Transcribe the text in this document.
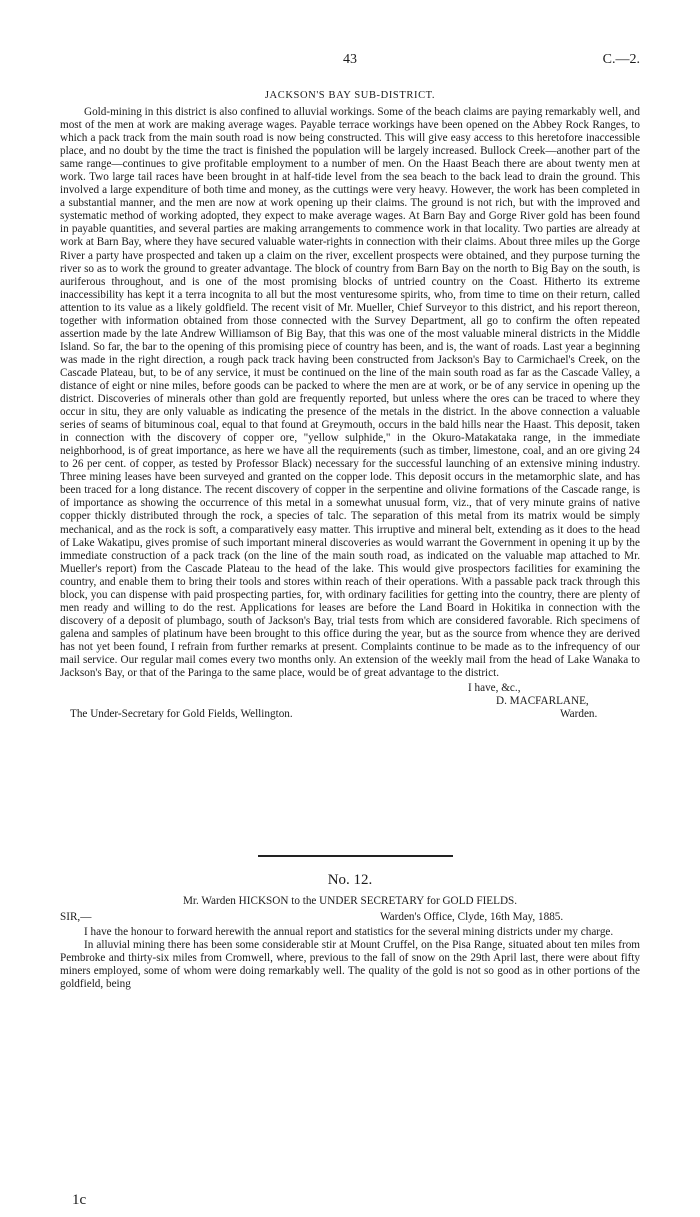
43	C.—2.
JACKSON'S BAY SUB-DISTRICT.

Gold-mining in this district is also confined to alluvial workings. Some of the beach claims are paying remarkably well, and most of the men at work are making average wages. Payable terrace workings have been opened on the Abbey Rock Ranges, to which a pack track from the main south road is now being constructed. This will give easy access to this heretofore inaccessible place, and no doubt by the time the tract is finished the population will be largely increased. Bullock Creek—another part of the same range—continues to give profitable employment to a number of men. On the Haast Beach there are about twenty men at work. Two large tail races have been brought in at half-tide level from the sea beach to the back lead to drain the ground. This involved a large expenditure of both time and money, as the cuttings were very heavy. However, the work has been completed in a substantial manner, and the men are now at work opening up their claims. The ground is not rich, but with the improved and systematic method of working adopted, they expect to make average wages. At Barn Bay and Gorge River gold has been found in payable quantities, and several parties are making arrangements to commence work in that locality. Two parties are already at work at Barn Bay, where they have secured valuable water-rights in connection with their claims. About three miles up the Gorge River a party have prospected and taken up a claim on the river, excellent prospects were obtained, and they purpose turning the river so as to work the ground to greater advantage. The block of country from Barn Bay on the north to Big Bay on the south, is auriferous throughout, and is one of the most promising blocks of untried country on the Coast. Hitherto its extreme inaccessibility has kept it a terra incognita to all but the most venturesome spirits, who, from time to time on their return, called attention to its value as a likely goldfield. The recent visit of Mr. Mueller, Chief Surveyor to this district, and his report thereon, together with information obtained from those connected with the Survey Department, all go to confirm the often repeated assertion made by the late Andrew Williamson of Big Bay, that this was one of the most valuable mineral districts in the Middle Island. So far, the bar to the opening of this promising piece of country has been, and is, the want of roads. Last year a beginning was made in the right direction, a rough pack track having been constructed from Jackson's Bay to Carmichael's Creek, on the Cascade Plateau, but, to be of any service, it must be continued on the line of the main south road as far as the Cascade Valley, a distance of eight or nine miles, before goods can be packed to where the men are at work, or be of any service in opening up the district. Discoveries of minerals other than gold are frequently reported, but unless where the ores can be traced to where they occur in situ, they are only valuable as indicating the presence of the metals in the district. In the above connection a valuable series of seams of bituminous coal, equal to that found at Greymouth, occurs in the bald hills near the Haast. This deposit, taken in connection with the discovery of copper ore, "yellow sulphide," in the Okuro-Matakataka range, in the immediate neighborhood, is of great importance, as here we have all the requirements (such as timber, limestone, coal, and an ore giving 24 to 26 per cent. of copper, as tested by Professor Black) necessary for the successful launching of an extensive mining industry. Three mining leases have been surveyed and granted on the copper lode. This deposit occurs in the metamorphic slate, and has been traced for a long distance. The recent discovery of copper in the serpentine and olivine formations of the Cascade range, is of importance as showing the occurrence of this metal in a somewhat unusual form, viz., that of very minute grains of native copper thickly distributed through the rock, a species of talc. The separation of this metal from its matrix would be simply mechanical, and as the rock is soft, a comparatively easy matter. This irruptive and mineral belt, extending as it does to the head of Lake Wakatipu, gives promise of such important mineral discoveries as would warrant the Government in opening it up by the immediate construction of a pack track (on the line of the main south road, as indicated on the valuable map attached to Mr. Mueller's report) from the Cascade Plateau to the head of the lake. This would give prospectors facilities for examining the country, and enable them to bring their tools and stores within reach of their operations. With a passable pack track through this block, you can dispense with paid prospecting parties, for, with ordinary facilities for getting into the country, there are plenty of men ready and willing to do the rest. Applications for leases are before the Land Board in Hokitika in connection with the discovery of a deposit of plumbago, south of Jackson's Bay, trial tests from which are considered favorable. Rich specimens of galena and samples of platinum have been brought to this office during the year, but as the source from whence they are derived has not yet been found, I refrain from further remarks at present. Complaints continue to be made as to the infrequency of our mail service. Our regular mail comes every two months only. An extension of the weekly mail from the head of Lake Wanaka to Jackson's Bay, or that of the Paringa to the same place, would be of great advantage to the district.

I have, &c.,
D. MACFARLANE,
Warden.
The Under-Secretary for Gold Fields, Wellington.
No. 12.
Mr. Warden HICKSON to the UNDER SECRETARY for GOLD FIELDS.
SIR,—	Warden's Office, Clyde, 16th May, 1885.

I have the honour to forward herewith the annual report and statistics for the several mining districts under my charge.

In alluvial mining there has been some considerable stir at Mount Cruffel, on the Pisa Range, situated about ten miles from Pembroke and thirty-six miles from Cromwell, where, previous to the fall of snow on the 29th April last, there were about fifty miners employed, some of whom were doing remarkably well. The quality of the gold is not so good as in other portions of the goldfield, being

1c
